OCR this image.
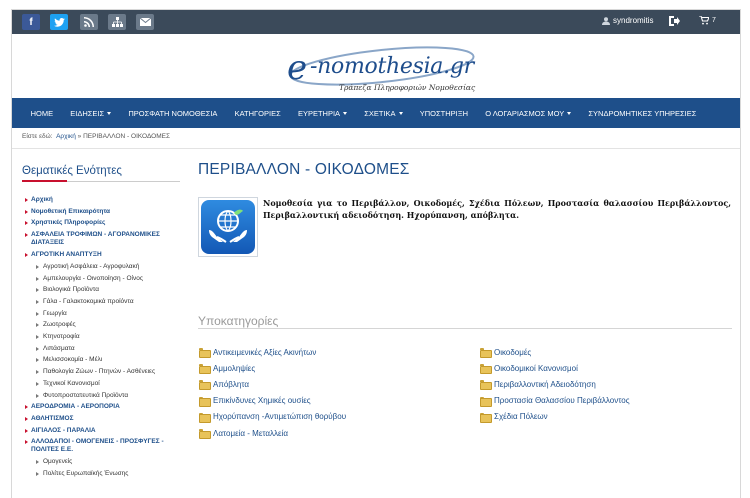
f	syndromitis	7
e -nomothesia.gr
Τράπεζα Πληροφοριών Νομοθεσίας
ΗΟΜΕ ΕΙΔΗΣΕΙΣ	ΠΡΟΣΦΑΤΗ ΝΟΜΟΘΕΣΙΑ ΚΑΤΗΓΟΡΙΕΣ ΕΥΡΕΤΗΡΙΑ	ΣΧΕΤΙΚΑ	ΥΠΟΣΤΗΡΙΞΗ Ο ΛΟΓΑΡΙΑΣΜΟΣ ΜΟΥ	ΣΥΝΔΡΟΜΗΤΙΚΕΣ ΥΠΗΡΕΣΙΕΣ
Είστε εδώ: Αρχική » ΠΕΡΙΒΑΛΛΟΝ - ΟΙΚΟΔΟΜΕΣ
Θεματικές Ενότητες
Αρχική
Νομοθετική Επικαιρότητα
Χρηστικές Πληροφορίες
ΑΣΦΑΛΕΙΑ ΤΡΟΦΙΜΩΝ - ΑΓΟΡΑΝΟΜΙΚΕΣ ΔΙΑΤΑΞΕΙΣ
ΑΓΡΟΤΙΚΗ ΑΝΑΠΤΥΞΗ
Αγροτική Ασφάλεια - Αγροφυλακή
Αμπελουργία - Οινοποίηση - Οίνος
Βιολογικά Προϊόντα
Γάλα - Γαλακτοκομικά προϊόντα
Γεωργία
Ζωοτροφές
Κτηνοτροφία
Λιπάσματα
Μελισσοκομία - Μέλι
Παθολογία Ζώων - Πτηνών - Ασθένειες
Τεχνικοί Κανονισμοί
Φυτοπροστατευτικά Προϊόντα
ΑΕΡΟΔΡΟΜΙΑ - ΑΕΡΟΠΟΡΙΑ
ΑΘΛΗΤΙΣΜΟΣ
ΑΙΓΙΑΛΟΣ - ΠΑΡΑΛΙΑ
ΑΛΛΟΔΑΠΟΙ - ΟΜΟΓΕΝΕΙΣ - ΠΡΟΣΦΥΓΕΣ - ΠΟΛΙΤΕΣ Ε.Ε.
Ομογενείς
Πολίτες Ευρωπαϊκής Ένωσης
ΠΕΡΙΒΑΛΛΟΝ - ΟΙΚΟΔΟΜΕΣ
Νομοθεσία για το Περιβάλλον, Οικοδομές, Σχέδια Πόλεων, Προστασία θαλασσίου Περιβάλλοντος, Περιβαλλοντική αδειοδότηση. Ηχορύπανση, απόβλητα.
Υποκατηγορίες
Αντικειμενικές Αξίες Ακινήτων
Αμμοληψίες
Απόβλητα
Επικίνδυνες Χημικές ουσίες
Ηχορύπανση -Αντιμετώπιση θορύβου
Λατομεία - Μεταλλεία
Οικοδομές
Οικοδομικοί Κανονισμοί
Περιβαλλοντική Αδειοδότηση
Προστασία Θαλασσίου Περιβάλλοντος
Σχέδια Πόλεων
